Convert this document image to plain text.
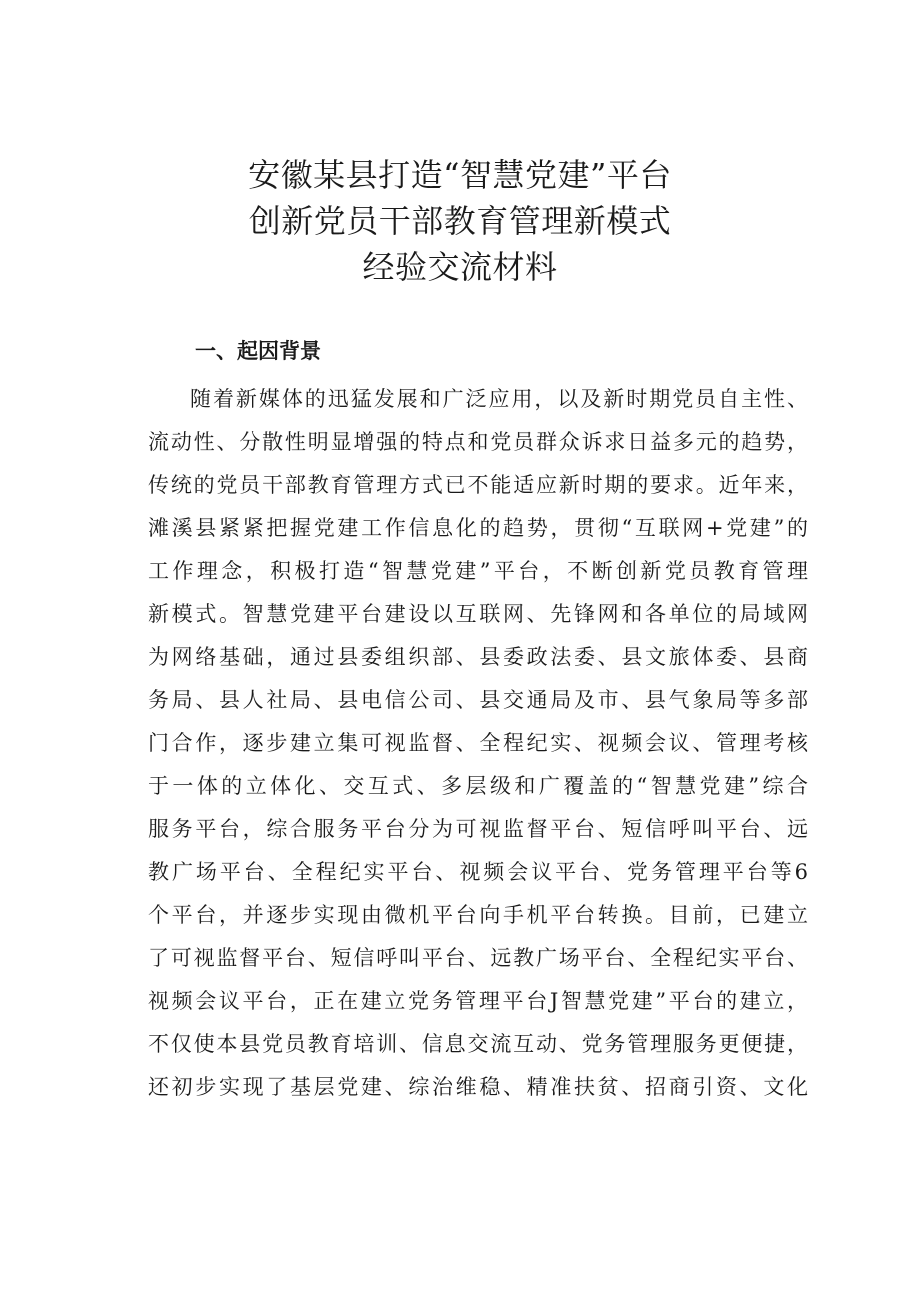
安徽某县打造“智慧党建”平台
创新党员干部教育管理新模式
经验交流材料
一、起因背景
随着新媒体的迅猛发展和广泛应用，以及新时期党员自主性、
流动性、分散性明显增强的特点和党员群众诉求日益多元的趋势，
传统的党员干部教育管理方式已不能适应新时期的要求。近年来，
滩溪县紧紧把握党建工作信息化的趋势，贯彻“互联网+党建”的
工作理念，积极打造“智慧党建”平台，不断创新党员教育管理
新模式。智慧党建平台建设以互联网、先锋网和各单位的局域网
为网络基础，通过县委组织部、县委政法委、县文旅体委、县商
务局、县人社局、县电信公司、县交通局及市、县气象局等多部
门合作，逐步建立集可视监督、全程纪实、视频会议、管理考核
于一体的立体化、交互式、多层级和广覆盖的“智慧党建”综合
服务平台，综合服务平台分为可视监督平台、短信呼叫平台、远
教广场平台、全程纪实平台、视频会议平台、党务管理平台等6
个平台，并逐步实现由微机平台向手机平台转换。目前，已建立
了可视监督平台、短信呼叫平台、远教广场平台、全程纪实平台、
视频会议平台，正在建立党务管理平台J智慧党建”平台的建立，
不仅使本县党员教育培训、信息交流互动、党务管理服务更便捷，
还初步实现了基层党建、综治维稳、精准扶贫、招商引资、文化
